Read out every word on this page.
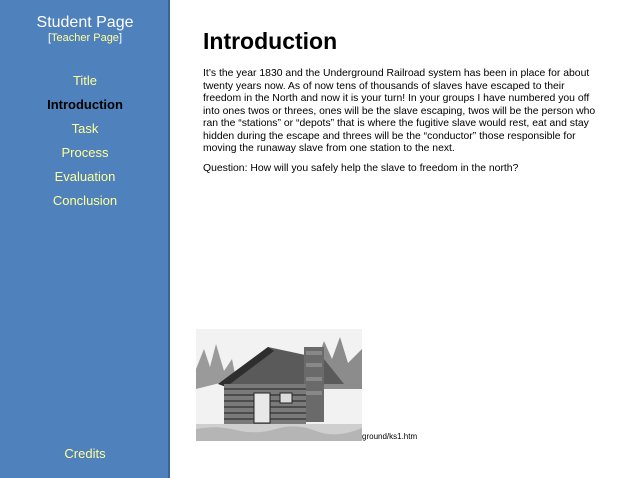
Student Page
[Teacher Page]
Title
Introduction
Task
Process
Evaluation
Conclusion
Credits
Introduction

It’s the year 1830 and the Underground Railroad system has been in place for about twenty years now. As of now tens of thousands of slaves have escaped to their freedom in the North and now it is your turn! In your groups I have numbered you off into ones twos or threes, ones will be the slave escaping, twos will be the person who ran the “stations” or “depots” that is where the fugitive slave would rest, eat and stay hidden during the escape and threes will be the “conductor” those responsible for moving the runaway slave from one station to the next.

Question: How will you safely help the slave to freedom in the north?

ground/ks1.htm
